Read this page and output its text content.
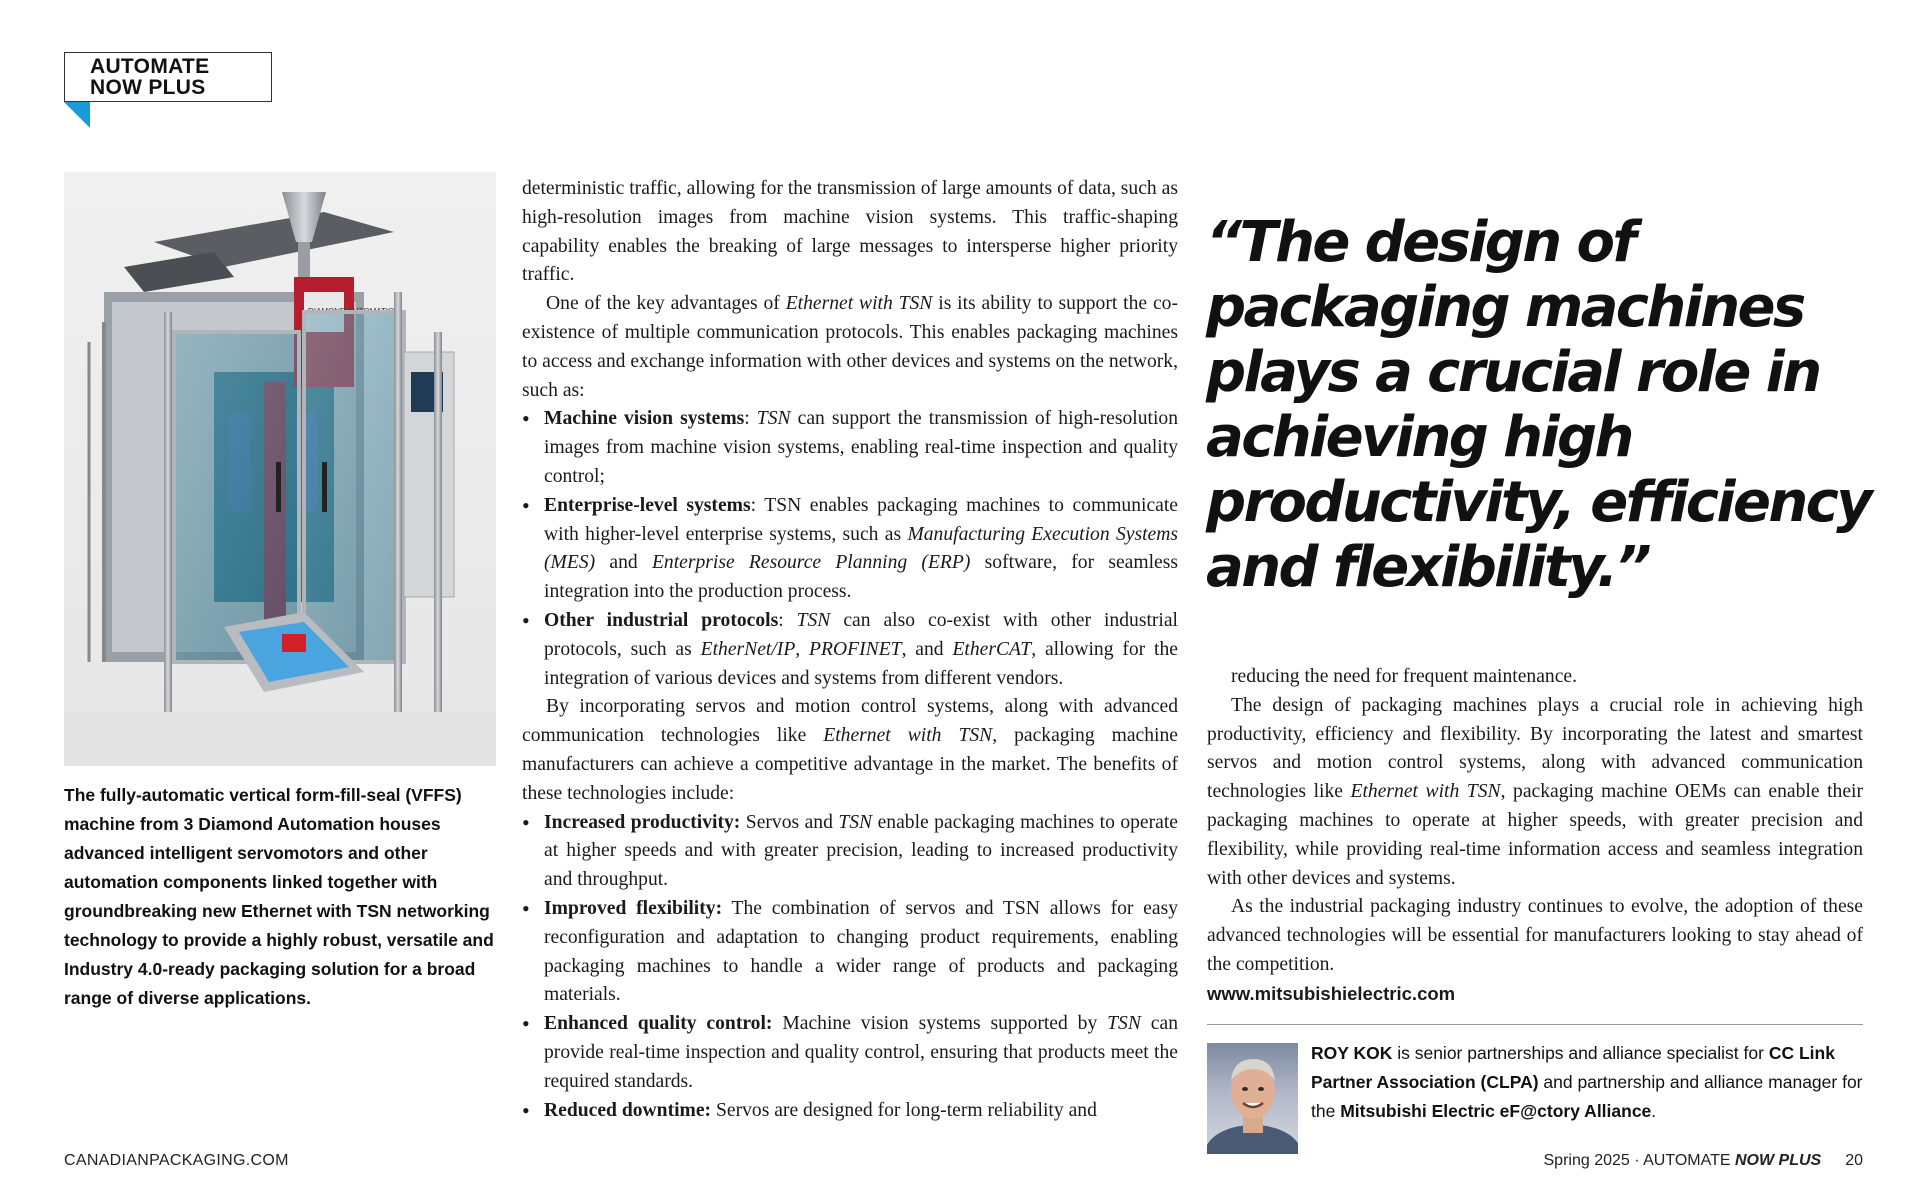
AUTOMATE
NOW PLUS
The fully-automatic vertical form-fill-seal (VFFS) machine from 3 Diamond Automation houses advanced intelligent servomotors and other automation components linked together with groundbreaking new Ethernet with TSN networking technology to provide a highly robust, versatile and Industry 4.0-ready packaging solution for a broad range of diverse applications.

deterministic traffic, allowing for the transmission of large amounts of data, such as high-resolution images from machine vision systems. This traffic-shaping capability enables the breaking of large messages to intersperse higher priority traffic.

One of the key advantages of Ethernet with TSN is its ability to support the co-existence of multiple communication protocols. This enables packaging machines to access and exchange information with other devices and systems on the network, such as:

• Machine vision systems: TSN can support the transmission of high-resolution images from machine vision systems, enabling real-time inspection and quality control;
• Enterprise-level systems: TSN enables packaging machines to communicate with higher-level enterprise systems, such as Manufacturing Execution Systems (MES) and Enterprise Resource Planning (ERP) software, for seamless integration into the production process.
• Other industrial protocols: TSN can also co-exist with other industrial protocols, such as EtherNet/IP, PROFINET, and EtherCAT, allowing for the integration of various devices and systems from different vendors.

By incorporating servos and motion control systems, along with advanced communication technologies like Ethernet with TSN, packaging machine manufacturers can achieve a competitive advantage in the market. The benefits of these technologies include:

• Increased productivity: Servos and TSN enable packaging machines to operate at higher speeds and with greater precision, leading to increased productivity and throughput.
• Improved flexibility: The combination of servos and TSN allows for easy reconfiguration and adaptation to changing product requirements, enabling packaging machines to handle a wider range of products and packaging materials.
• Enhanced quality control: Machine vision systems supported by TSN can provide real-time inspection and quality control, ensuring that products meet the required standards.
• Reduced downtime: Servos are designed for long-term reliability and
“The design of packaging machines plays a crucial role in achieving high productivity, efficiency and flexibility.”

reducing the need for frequent maintenance.

The design of packaging machines plays a crucial role in achieving high productivity, efficiency and flexibility. By incorporating the latest and smartest servos and motion control systems, along with advanced communication technologies like Ethernet with TSN, packaging machine OEMs can enable their packaging machines to operate at higher speeds, with greater precision and flexibility, while providing real-time information access and seamless integration with other devices and systems.

As the industrial packaging industry continues to evolve, the adoption of these advanced technologies will be essential for manufacturers looking to stay ahead of the competition.

www.mitsubishielectric.com

ROY KOK is senior partnerships and alliance specialist for CC Link Partner Association (CLPA) and partnership and alliance manager for the Mitsubishi Electric eF@ctory Alliance.
CANADIANPACKAGING.COM	Spring 2025 · AUTOMATE NOW PLUS 20
